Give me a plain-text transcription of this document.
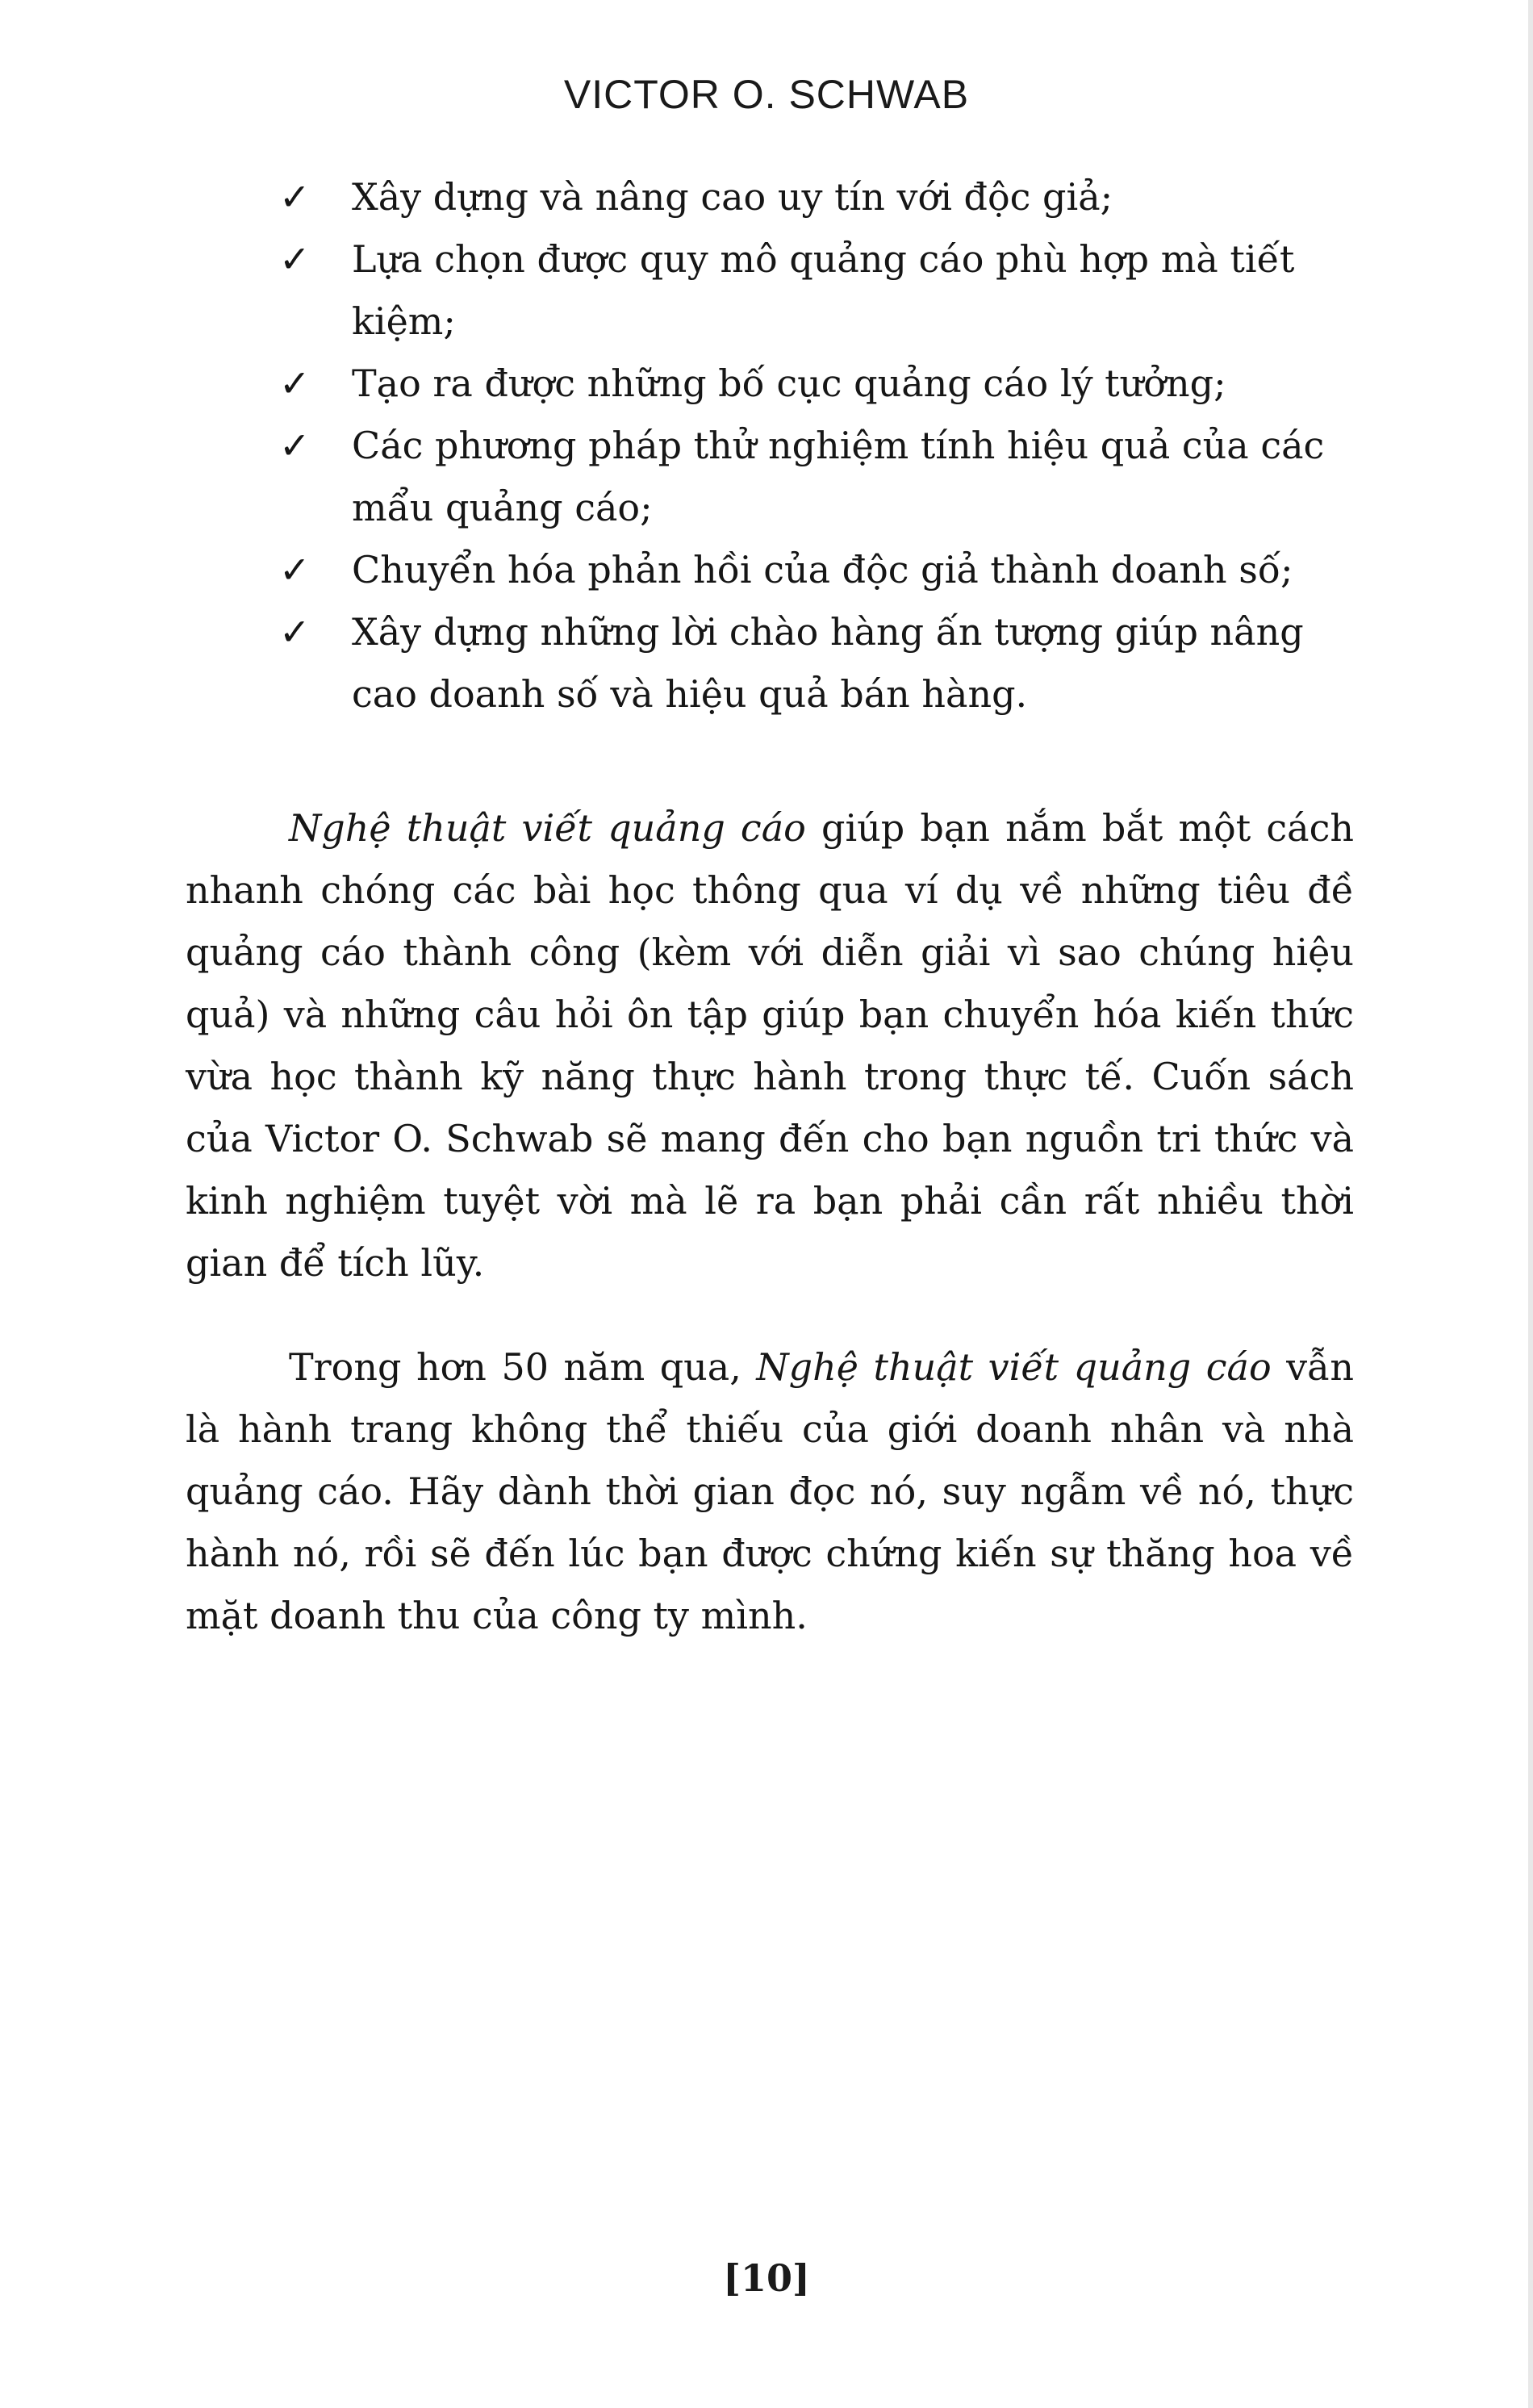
VICTOR O. SCHWAB
✓ Xây dựng và nâng cao uy tín với độc giả;
✓ Lựa chọn được quy mô quảng cáo phù hợp mà tiết kiệm;
✓ Tạo ra được những bố cục quảng cáo lý tưởng;
✓ Các phương pháp thử nghiệm tính hiệu quả của các mẩu quảng cáo;
✓ Chuyển hóa phản hồi của độc giả thành doanh số;
✓ Xây dựng những lời chào hàng ấn tượng giúp nâng cao doanh số và hiệu quả bán hàng.

Nghệ thuật viết quảng cáo giúp bạn nắm bắt một cách nhanh chóng các bài học thông qua ví dụ về những tiêu đề quảng cáo thành công (kèm với diễn giải vì sao chúng hiệu quả) và những câu hỏi ôn tập giúp bạn chuyển hóa kiến thức vừa học thành kỹ năng thực hành trong thực tế. Cuốn sách của Victor O. Schwab sẽ mang đến cho bạn nguồn tri thức và kinh nghiệm tuyệt vời mà lẽ ra bạn phải cần rất nhiều thời gian để tích lũy.

Trong hơn 50 năm qua, Nghệ thuật viết quảng cáo vẫn là hành trang không thể thiếu của giới doanh nhân và nhà quảng cáo. Hãy dành thời gian đọc nó, suy ngẫm về nó, thực hành nó, rồi sẽ đến lúc bạn được chứng kiến sự thăng hoa về mặt doanh thu của công ty mình.

[10]
